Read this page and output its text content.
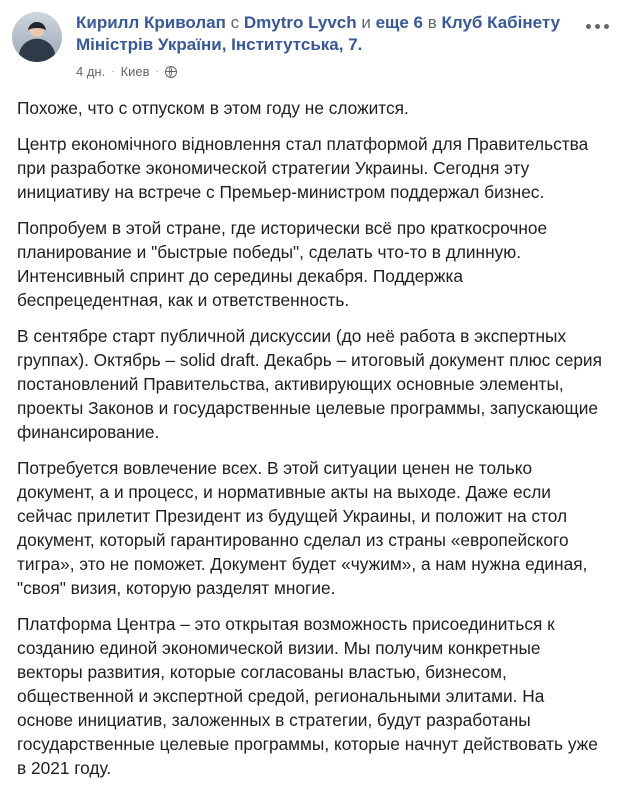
Кирилл Криволап с Dmytro Lyvch и еще 6 в Клуб Кабінету Міністрів України, Інститутська, 7.
4 дн. · Киев ·

Похоже, что с отпуском в этом году не сложится.

Центр економічного відновлення стал платформой для Правительства при разработке экономической стратегии Украины. Сегодня эту инициативу на встрече с Премьер-министром поддержал бизнес.

Попробуем в этой стране, где исторически всё про краткосрочное планирование и "быстрые победы", сделать что-то в длинную. Интенсивный спринт до середины декабря. Поддержка беспрецедентная, как и ответственность.

В сентябре старт публичной дискуссии (до неё работа в экспертных группах). Октябрь – solid draft. Декабрь – итоговый документ плюс серия постановлений Правительства, активирующих основные элементы, проекты Законов и государственные целевые программы, запускающие финансирование.

Потребуется вовлечение всех. В этой ситуации ценен не только документ, а и процесс, и нормативные акты на выходе. Даже если сейчас прилетит Президент из будущей Украины, и положит на стол документ, который гарантированно сделал из страны «европейского тигра», это не поможет. Документ будет «чужим», а нам нужна единая, "своя" визия, которую разделят многие.

Платформа Центра – это открытая возможность присоединиться к созданию единой экономической визии. Мы получим конкретные векторы развития, которые согласованы властью, бизнесом, общественной и экспертной средой, региональными элитами. На основе инициатив, заложенных в стратегии, будут разработаны государственные целевые программы, которые начнут действовать уже в 2021 году.
